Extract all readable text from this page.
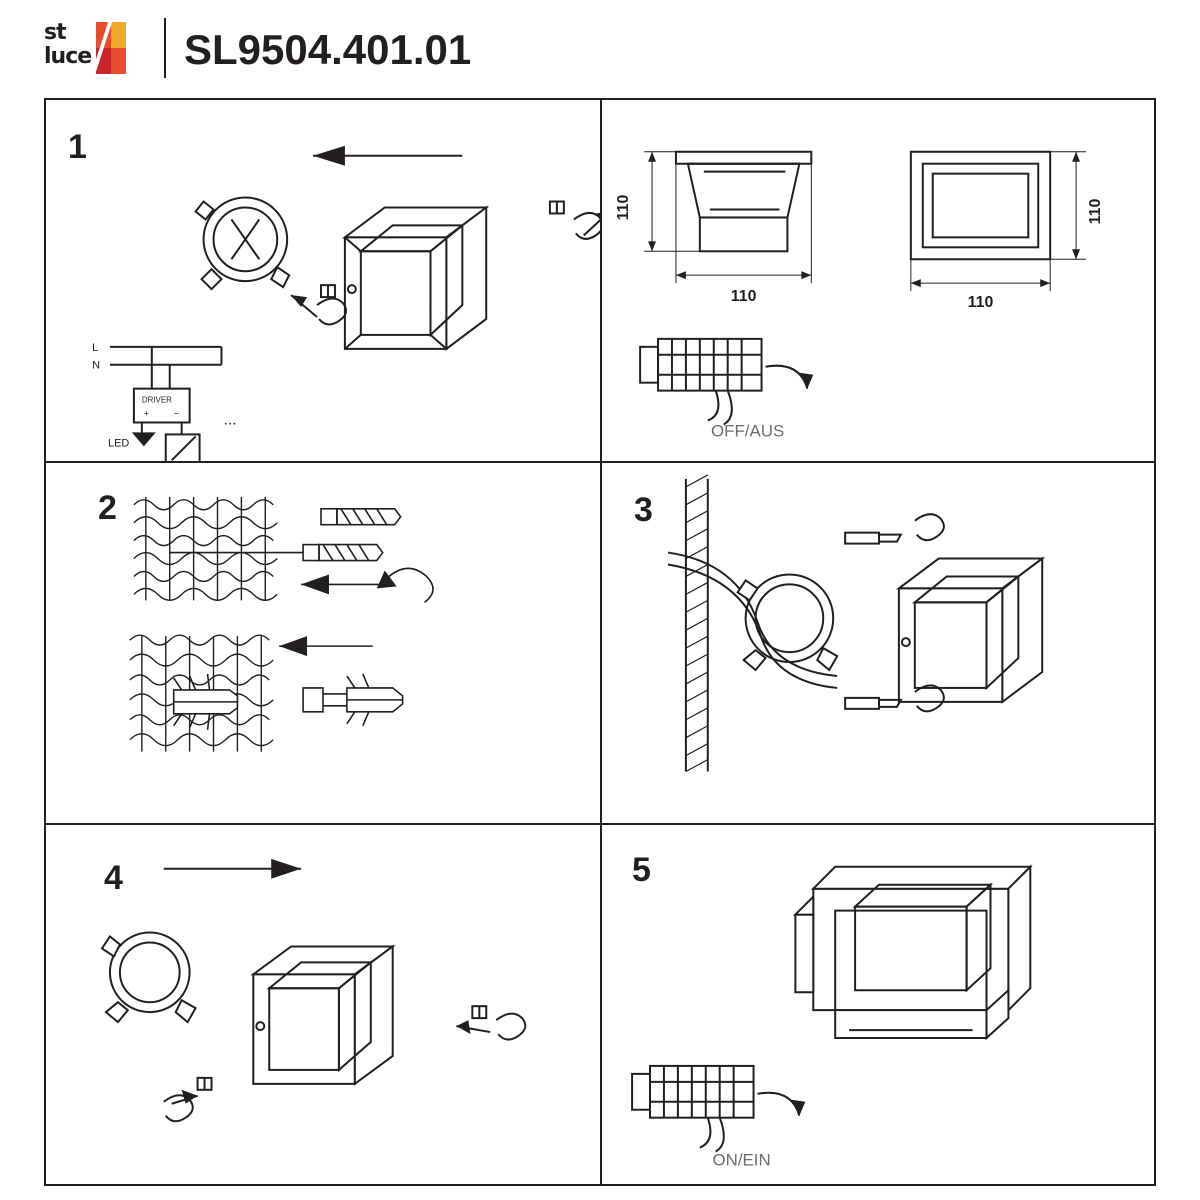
st
luce SL9504.401.01
1
L
N
DRIVER
+	−
LED
...
110
110
110
110
OFF/AUS
2	3
4	5
ON/EIN
